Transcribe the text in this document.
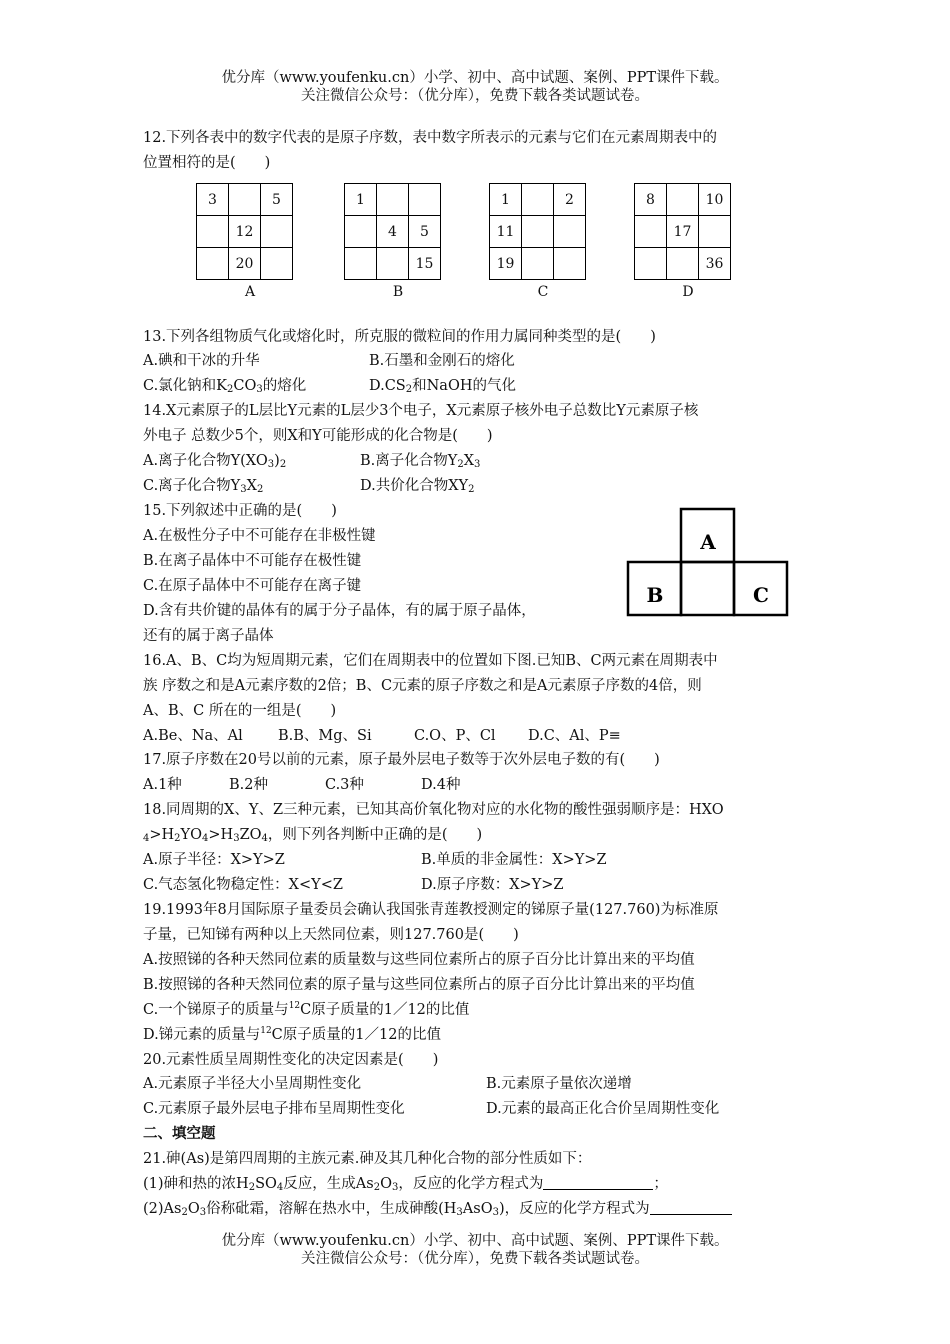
优分库（www.youfenku.cn）小学、初中、高中试题、案例、PPT课件下载。
关注微信公众号：（优分库），免费下载各类试题试卷。
12.下列各表中的数字代表的是原子序数，表中数字所表示的元素与它们在元素周期表中的
位置相符的是(　　)
3		5
	12	
	20	
A
1		
	4	5
		15
B
1		2
11		
19		
C
8		10
	17	
		36
D
13.下列各组物质气化或熔化时，所克服的微粒间的作用力属同种类型的是(　　)
A.碘和干冰的升华	B.石墨和金刚石的熔化
C.氯化钠和$K_2CO_3$的熔化	$D.CS_2$和NaOH的气化
14.X元素原子的L层比Y元素的L层少3个电子，X元素原子核外电子总数比Y元素原子核
外电子 总数少5个，则X和Y可能形成的化合物是(　　)
A.离子化合物$Y(XO_3)_2$	B.离子化合物$Y_2X_3$
C.离子化合物$Y_3X_2$	D.共价化合物$XY_2$
15.下列叙述中正确的是(　　)
A.在极性分子中不可能存在非极性键
B.在离子晶体中不可能存在极性键
C.在原子晶体中不可能存在离子键
D.含有共价键的晶体有的属于分子晶体，有的属于原子晶体，
还有的属于离子晶体
A
B	C
16.A、B、C均为短周期元素，它们在周期表中的位置如下图.已知B、C两元素在周期表中
族 序数之和是A元素序数的2倍；B、C元素的原子序数之和是A元素原子序数的4倍，则
A、B、C 所在的一组是(　　)
A.Be、Na、Al B.B、Mg、Si	C.O、P、Cl D.C、Al、P≡
17.原子序数在20号以前的元素，原子最外层电子数等于次外层电子数的有(　　)
A.1种	B.2种	C.3种	D.4种
18.同周期的X、Y、Z三种元素，已知其高价氧化物对应的水化物的酸性强弱顺序是：HXO
$_4>H_2YO_4>H_3ZO_4$，则下列各判断中正确的是(　　)
A.原子半径：X>Y>Z	B.单质的非金属性：X>Y>Z
C.气态氢化物稳定性：X<Y<Z	D.原子序数：X>Y>Z
19.1993年8月国际原子量委员会确认我国张青莲教授测定的锑原子量(127.760)为标准原
子量，已知锑有两种以上天然同位素，则127.760是(　　)
A.按照锑的各种天然同位素的质量数与这些同位素所占的原子百分比计算出来的平均值
B.按照锑的各种天然同位素的原子量与这些同位素所占的原子百分比计算出来的平均值
C.一个锑原子的质量与$^{12}$C原子质量的1／12的比值
D.锑元素的质量与$^{12}$C原子质量的1／12的比值
20.元素性质呈周期性变化的决定因素是(　　)
A.元素原子半径大小呈周期性变化	B.元素原子量依次递增
C.元素原子最外层电子排布呈周期性变化	D.元素的最高正化合价呈周期性变化
二、填空题
21.砷(As)是第四周期的主族元素.砷及其几种化合物的部分性质如下：
(1)砷和热的浓$H_2SO_4$反应，生成$As_2O_3$，反应的化学方程式为	；
$(2)As_2O_3$俗称砒霜，溶解在热水中，生成砷酸$(H_3AsO_3)$，反应的化学方程式为
优分库（www.youfenku.cn）小学、初中、高中试题、案例、PPT课件下载。
关注微信公众号：（优分库），免费下载各类试题试卷。
